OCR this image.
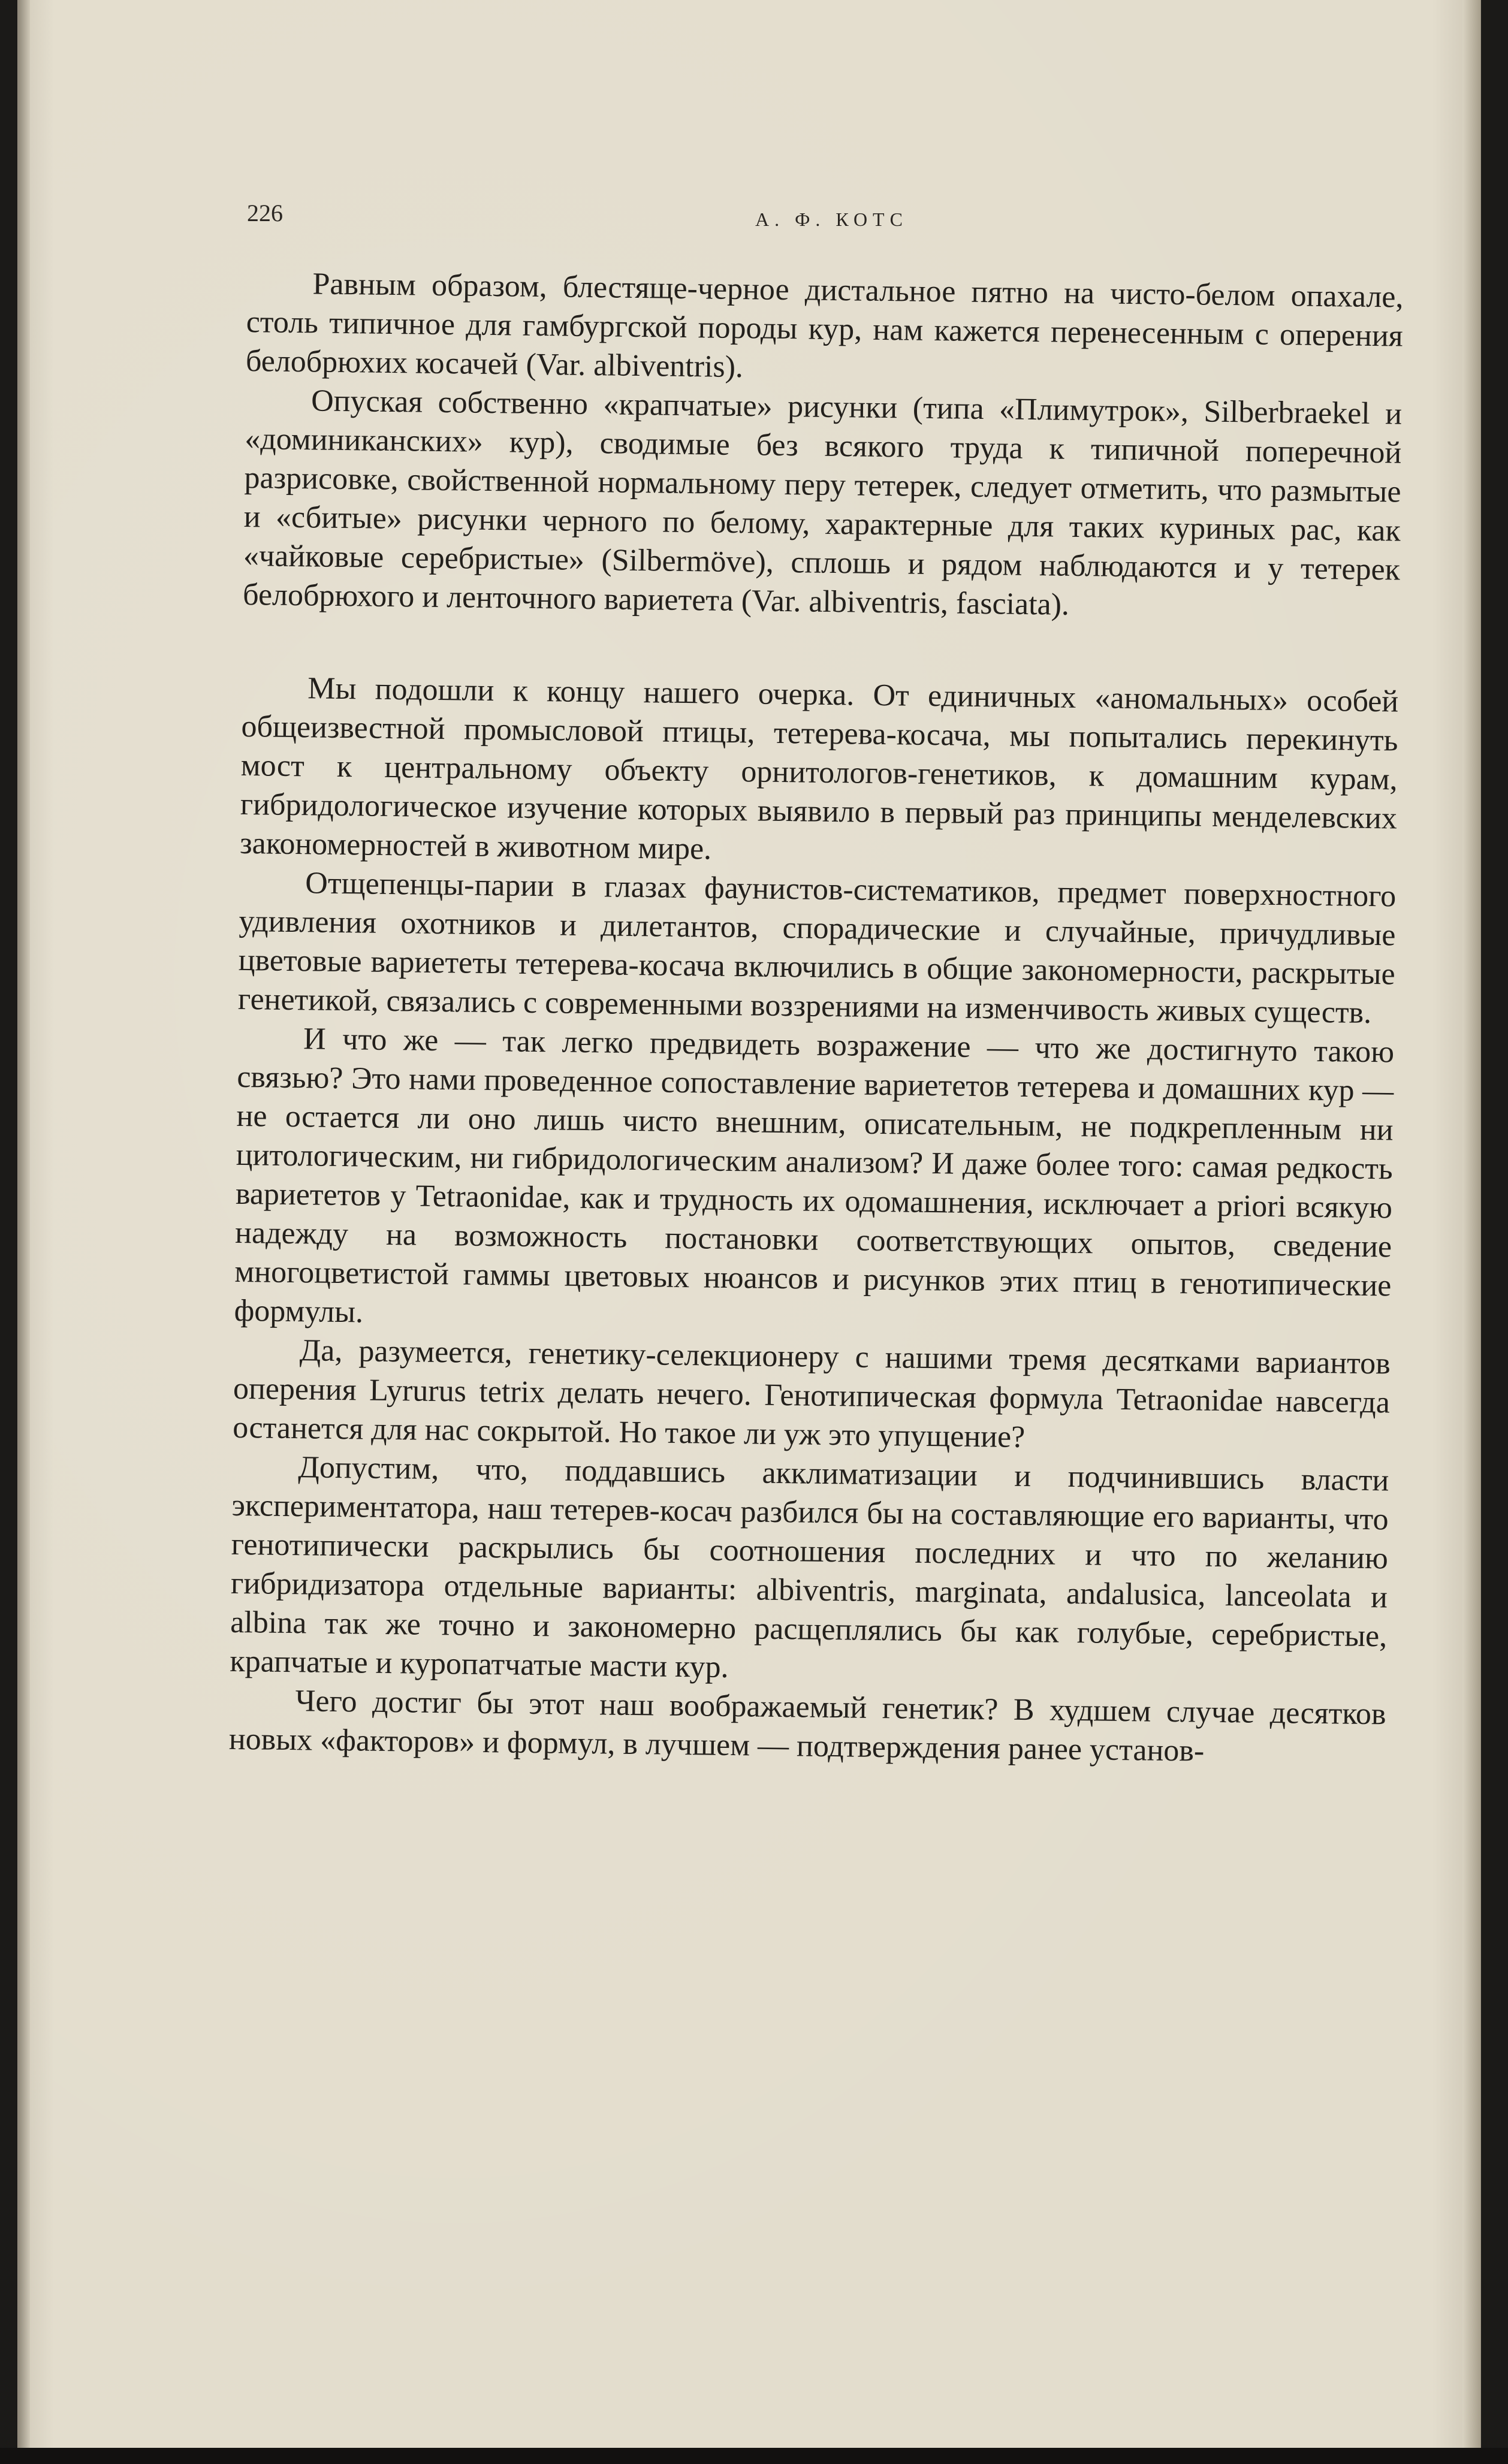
226	А. Ф. КОТС

Равным образом, блестяще-черное дистальное пятно на чисто-белом опахале, столь типичное для гамбургской породы кур, нам кажется перенесенным с оперения белобрюхих косачей (Var. albiventris).

Опуская собственно «крапчатые» рисунки (типа «Плимутрок», Silberbraekel и «доминиканских» кур), сводимые без всякого труда к типичной поперечной разрисовке, свойственной нормальному перу тетерек, следует отметить, что размытые и «сбитые» рисунки черного по белому, характерные для таких куриных рас, как «чайковые серебристые» (Silbermöve), сплошь и рядом наблюдаются и у тетерек белобрюхого и ленточного вариетета (Var. albiventris, fasciata).

Мы подошли к концу нашего очерка. От единичных «аномальных» особей общеизвестной промысловой птицы, тетерева-косача, мы попытались перекинуть мост к центральному объекту орнитологов-генетиков, к домашним курам, гибридологическое изучение которых выявило в первый раз принципы менделевских закономерностей в животном мире.

Отщепенцы-парии в глазах фаунистов-систематиков, предмет поверхностного удивления охотников и дилетантов, спорадические и случайные, причудливые цветовые вариететы тетерева-косача включились в общие закономерности, раскрытые генетикой, связались с современными воззрениями на изменчивость живых существ.

И что же — так легко предвидеть возражение — что же достигнуто такою связью? Это нами проведенное сопоставление вариететов тетерева и домашних кур — не остается ли оно лишь чисто внешним, описательным, не подкрепленным ни цитологическим, ни гибридологическим анализом? И даже более того: самая редкость вариететов у Tetraonidae, как и трудность их одомашнения, исключает a priori всякую надежду на возможность постановки соответствующих опытов, сведение многоцветистой гаммы цветовых нюансов и рисунков этих птиц в генотипические формулы.

Да, разумеется, генетику-селекционеру с нашими тремя десятками вариантов оперения Lyrurus tetrix делать нечего. Генотипическая формула Tetraonidae навсегда останется для нас сокрытой. Но такое ли уж это упущение?

Допустим, что, поддавшись акклиматизации и подчинившись власти экспериментатора, наш тетерев-косач разбился бы на составляющие его варианты, что генотипически раскрылись бы соотношения последних и что по желанию гибридизатора отдельные варианты: albiventris, marginata, andalusica, lanceolata и albina так же точно и закономерно расщеплялись бы как голубые, серебристые, крапчатые и куропатчатые масти кур.

Чего достиг бы этот наш воображаемый генетик? В худшем случае десятков новых «факторов» и формул, в лучшем — подтверждения ранее установ-
